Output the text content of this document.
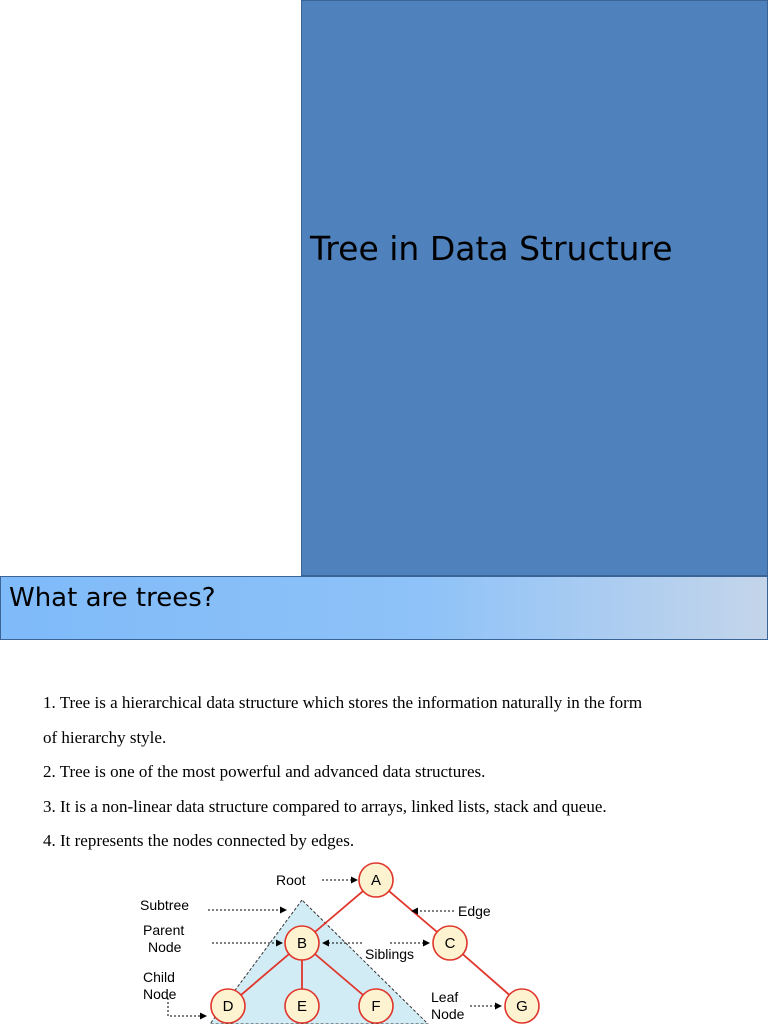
Tree in Data Structure
What are trees?

1. Tree is a hierarchical data structure which stores the information naturally in the form

of hierarchy style.

2. Tree is one of the most powerful and advanced data structures.

3. It is a non-linear data structure compared to arrays, linked lists, stack and queue.

4. It represents the nodes connected by edges.

A
B	C
D	E	F	G
Root
Subtree
Parent
Node
Child
Node
Edge
Siblings
Leaf
Node
